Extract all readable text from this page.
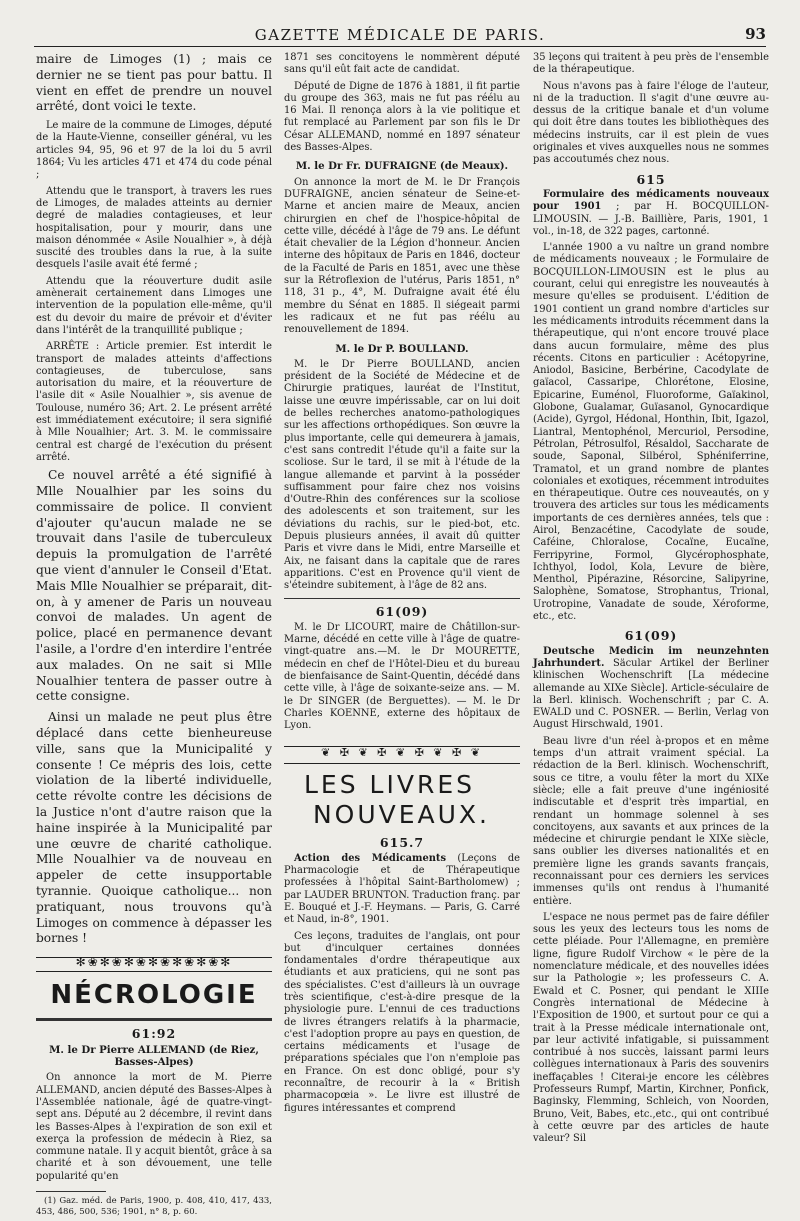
GAZETTE MÉDICALE DE PARIS.	93

maire de Limoges (1) ; mais ce dernier ne se tient pas pour battu. Il vient en effet de prendre un nouvel arrêté, dont voici le texte.

Le maire de la commune de Limoges, député de la Haute-Vienne, conseiller général, vu les articles 94, 95, 96 et 97 de la loi du 5 avril 1864; Vu les articles 471 et 474 du code pénal ;

Attendu que le transport, à travers les rues de Limoges, de malades atteints au dernier degré de maladies contagieuses, et leur hospitalisation, pour y mourir, dans une maison dénommée « Asile Noualhier », à déjà suscité des troubles dans la rue, à la suite desquels l'asile avait été fermé ;

Attendu que la réouverture dudit asile amènerait certainement dans Limoges une intervention de la population elle-même, qu'il est du devoir du maire de prévoir et d'éviter dans l'intérêt de la tranquillité publique ;

ARRÊTE : Article premier. Est interdit le transport de malades atteints d'affections contagieuses, de tuberculose, sans autorisation du maire, et la réouverture de l'asile dit « Asile Noualhier », sis avenue de Toulouse, numéro 36; Art. 2. Le présent arrêté est immédiatement exécutoire; il sera signifié à Mlle Noualhier; Art. 3. M. le commissaire central est chargé de l'exécution du présent arrêté.

Ce nouvel arrêté a été signifié à Mlle Noualhier par les soins du commissaire de police. Il convient d'ajouter qu'aucun malade ne se trouvait dans l'asile de tuberculeux depuis la promulgation de l'arrêté que vient d'annuler le Conseil d'Etat. Mais Mlle Noualhier se préparait, dit-on, à y amener de Paris un nouveau convoi de malades. Un agent de police, placé en permanence devant l'asile, a l'ordre d'en interdire l'entrée aux malades. On ne sait si Mlle Noualhier tentera de passer outre à cette consigne.

Ainsi un malade ne peut plus être déplacé dans cette bienheureuse ville, sans que la Municipalité y consente ! Ce mépris des lois, cette violation de la liberté individuelle, cette révolte contre les décisions de la Justice n'ont d'autre raison que la haine inspirée à la Municipalité par une œuvre de charité catholique. Mlle Noualhier va de nouveau en appeler de cette insupportable tyrannie. Quoique catholique... non pratiquant, nous trouvons qu'à Limoges on commence à dépasser les bornes !

✻❀✻❀✻❀✻❀✻❀✻❀✻
NÉCROLOGIE
61:92
M. le Dr Pierre ALLEMAND (de Riez, Basses-Alpes)

On annonce la mort de M. Pierre ALLEMAND, ancien député des Basses-Alpes à l'Assemblée nationale, âgé de quatre-vingt-sept ans. Député au 2 décembre, il revint dans les Basses-Alpes à l'expiration de son exil et exerça la profession de médecin à Riez, sa commune natale. Il y acquit bientôt, grâce à sa charité et à son dévouement, une telle popularité qu'en

(1) Gaz. méd. de Paris, 1900, p. 408, 410, 417, 433, 453, 486, 500, 536; 1901, n° 8, p. 60.

1871 ses concitoyens le nommèrent député sans qu'il eût fait acte de candidat.

Député de Digne de 1876 à 1881, il fit partie du groupe des 363, mais ne fut pas réélu au 16 Mai. Il renonça alors à la vie politique et fut remplacé au Parlement par son fils le Dr César ALLEMAND, nommé en 1897 sénateur des Basses-Alpes.

M. le Dr Fr. DUFRAIGNE (de Meaux).

On annonce la mort de M. le Dr François DUFRAIGNE, ancien sénateur de Seine-et-Marne et ancien maire de Meaux, ancien chirurgien en chef de l'hospice-hôpital de cette ville, décédé à l'âge de 79 ans. Le défunt était chevalier de la Légion d'honneur. Ancien interne des hôpitaux de Paris en 1846, docteur de la Faculté de Paris en 1851, avec une thèse sur la Rétroflexion de l'utérus, Paris 1851, n° 118, 31 p., 4°, M. Dufraigne avait été élu membre du Sénat en 1885. Il siégeait parmi les radicaux et ne fut pas réélu au renouvellement de 1894.

M. le Dr P. BOULLAND.

M. le Dr Pierre BOULLAND, ancien président de la Société de Médecine et de Chirurgie pratiques, lauréat de l'Institut, laisse une œuvre impérissable, car on lui doit de belles recherches anatomo-pathologiques sur les affections orthopédiques. Son œuvre la plus importante, celle qui demeurera à jamais, c'est sans contredit l'étude qu'il a faite sur la scoliose. Sur le tard, il se mit à l'étude de la langue allemande et parvint à la posséder suffisamment pour faire chez nos voisins d'Outre-Rhin des conférences sur la scoliose des adolescents et son traitement, sur les déviations du rachis, sur le pied-bot, etc. Depuis plusieurs années, il avait dû quitter Paris et vivre dans le Midi, entre Marseille et Aix, ne faisant dans la capitale que de rares apparitions. C'est en Provence qu'il vient de s'éteindre subitement, à l'âge de 82 ans.

61(09)

M. le Dr LICOURT, maire de Châtillon-sur-Marne, décédé en cette ville à l'âge de quatre-vingt-quatre ans.—M. le Dr MOURETTE, médecin en chef de l'Hôtel-Dieu et du bureau de bienfaisance de Saint-Quentin, décédé dans cette ville, à l'âge de soixante-seize ans. — M. le Dr SINGER (de Berguettes). — M. le Dr Charles KOENNE, externe des hôpitaux de Lyon.

❦ ✠ ❦ ✠ ❦ ✠ ❦ ✠ ❦
LES LIVRES
NOUVEAUX.
615.7

Action des Médicaments (Leçons de Pharmacologie et de Thérapeutique professées à l'hôpital Saint-Bartholomew) ; par LAUDER BRUNTON. Traduction franç. par E. Bouqué et J.-F. Heymans. — Paris, G. Carré et Naud, in-8°, 1901.

Ces leçons, traduites de l'anglais, ont pour but d'inculquer certaines données fondamentales d'ordre thérapeutique aux étudiants et aux praticiens, qui ne sont pas des spécialistes. C'est d'ailleurs là un ouvrage très scientifique, c'est-à-dire presque de la physiologie pure. L'ennui de ces traductions de livres étrangers relatifs à la pharmacie, c'est l'adoption propre au pays en question, de certains médicaments et l'usage de préparations spéciales que l'on n'emploie pas en France. On est donc obligé, pour s'y reconnaître, de recourir à la « British pharmacopœia ». Le livre est illustré de figures intéressantes et comprend

35 leçons qui traitent à peu près de l'ensemble de la thérapeutique.

Nous n'avons pas à faire l'éloge de l'auteur, ni de la traduction. Il s'agit d'une œuvre au-dessus de la critique banale et d'un volume qui doit être dans toutes les bibliothèques des médecins instruits, car il est plein de vues originales et vives auxquelles nous ne sommes pas accoutumés chez nous.

615

Formulaire des médicaments nouveaux pour 1901 ; par H. BOCQUILLON-LIMOUSIN. — J.-B. Baillière, Paris, 1901, 1 vol., in-18, de 322 pages, cartonné.

L'année 1900 a vu naître un grand nombre de médicaments nouveaux ; le Formulaire de BOCQUILLON-LIMOUSIN est le plus au courant, celui qui enregistre les nouveautés à mesure qu'elles se produisent. L'édition de 1901 contient un grand nombre d'articles sur les médicaments introduits récemment dans la thérapeutique, qui n'ont encore trouvé place dans aucun formulaire, même des plus récents. Citons en particulier : Acétopyrine, Aniodol, Basicine, Berbérine, Cacodylate de gaïacol, Cassaripe, Chlorétone, Elosine, Epicarine, Euménol, Fluoroforme, Gaïakinol, Globone, Gualamar, Guïasanol, Gynocardique (Acide), Gyrgol, Hédonal, Honthin, Ibit, Igazol, Liantral, Mentophénol, Mercuriol, Persodine, Pétrolan, Pétrosulfol, Résaldol, Saccharate de soude, Saponal, Silbérol, Sphéniferrine, Tramatol, et un grand nombre de plantes coloniales et exotiques, récemment introduites en thérapeutique. Outre ces nouveautés, on y trouvera des articles sur tous les médicaments importants de ces dernières années, tels que : Airol, Benzacétine, Cacodylate de soude, Caféine, Chloralose, Cocaïne, Eucaïne, Ferripyrine, Formol, Glycérophosphate, Ichthyol, Iodol, Kola, Levure de bière, Menthol, Pipérazine, Résorcine, Salipyrine, Salophène, Somatose, Strophantus, Trional, Urotropine, Vanadate de soude, Xéroforme, etc., etc.

61(09)

Deutsche Medicin im neunzehnten Jahrhundert. Säcular Artikel der Berliner klinischen Wochenschrift [La médecine allemande au XIXe Siècle]. Article-séculaire de la Berl. klinisch. Wochenschrift ; par C. A. EWALD und C. POSNER. — Berlin, Verlag von August Hirschwald, 1901.

Beau livre d'un réel à-propos et en même temps d'un attrait vraiment spécial. La rédaction de la Berl. klinisch. Wochenschrift, sous ce titre, a voulu fêter la mort du XIXe siècle; elle a fait preuve d'une ingéniosité indiscutable et d'esprit très impartial, en rendant un hommage solennel à ses concitoyens, aux savants et aux princes de la médecine et chirurgie pendant le XIXe siècle, sans oublier les diverses nationalités et en première ligne les grands savants français, reconnaissant pour ces derniers les services immenses qu'ils ont rendus à l'humanité entière.

L'espace ne nous permet pas de faire défiler sous les yeux des lecteurs tous les noms de cette pléiade. Pour l'Allemagne, en première ligne, figure Rudolf Virchow « le père de la nomenclature médicale, et des nouvelles idées sur la Pathologie »; les professeurs C. A. Ewald et C. Posner, qui pendant le XIIIe Congrès international de Médecine à l'Exposition de 1900, et surtout pour ce qui a trait à la Presse médicale internationale ont, par leur activité infatigable, si puissamment contribué à nos succès, laissant parmi leurs collègues internationaux à Paris des souvenirs ineffaçables ! Citerai-je encore les célèbres Professeurs Rumpf, Martin, Kirchner, Ponfick, Baginsky, Flemming, Schleich, von Noorden, Bruno, Veit, Babes, etc.,etc., qui ont contribué à cette œuvre par des articles de haute valeur? Sil
